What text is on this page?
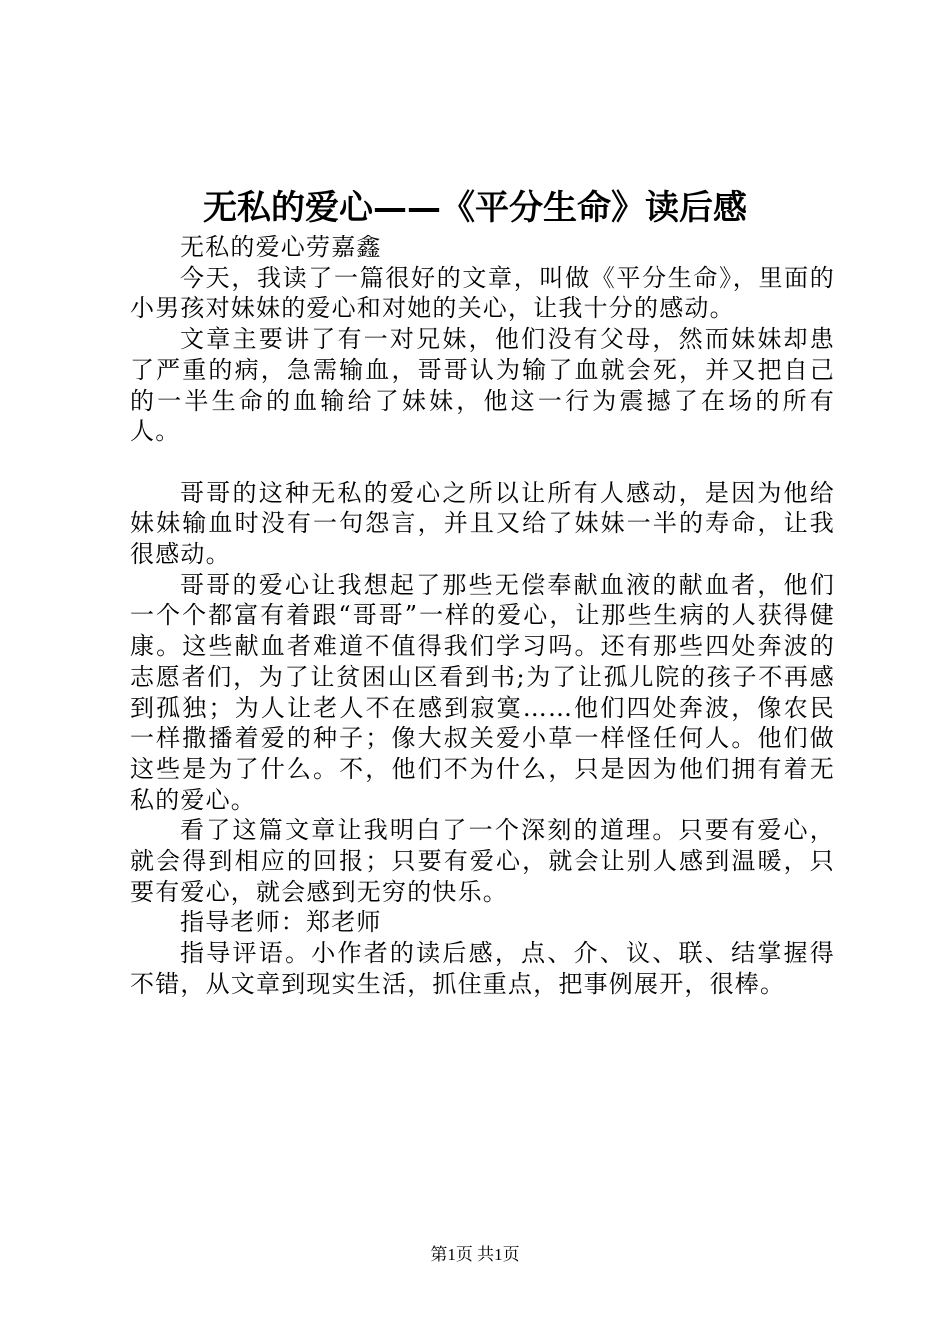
无私的爱心——《平分生命》读后感

无私的爱心劳嘉鑫

今天，我读了一篇很好的文章，叫做《平分生命》，里面的小男孩对妹妹的爱心和对她的关心，让我十分的感动。

文章主要讲了有一对兄妹，他们没有父母，然而妹妹却患了严重的病，急需输血，哥哥认为输了血就会死，并又把自己的一半生命的血输给了妹妹，他这一行为震撼了在场的所有人。

哥哥的这种无私的爱心之所以让所有人感动，是因为他给妹妹输血时没有一句怨言，并且又给了妹妹一半的寿命，让我很感动。

哥哥的爱心让我想起了那些无偿奉献血液的献血者，他们一个个都富有着跟“哥哥”一样的爱心，让那些生病的人获得健康。这些献血者难道不值得我们学习吗。还有那些四处奔波的志愿者们，为了让贫困山区看到书;为了让孤儿院的孩子不再感到孤独；为人让老人不在感到寂寞……他们四处奔波，像农民一样撒播着爱的种子；像大叔关爱小草一样怪任何人。他们做这些是为了什么。不，他们不为什么，只是因为他们拥有着无私的爱心。

看了这篇文章让我明白了一个深刻的道理。只要有爱心，就会得到相应的回报；只要有爱心，就会让别人感到温暖，只要有爱心，就会感到无穷的快乐。

指导老师：郑老师

指导评语。小作者的读后感，点、介、议、联、结掌握得不错，从文章到现实生活，抓住重点，把事例展开，很棒。

第1页 共1页
